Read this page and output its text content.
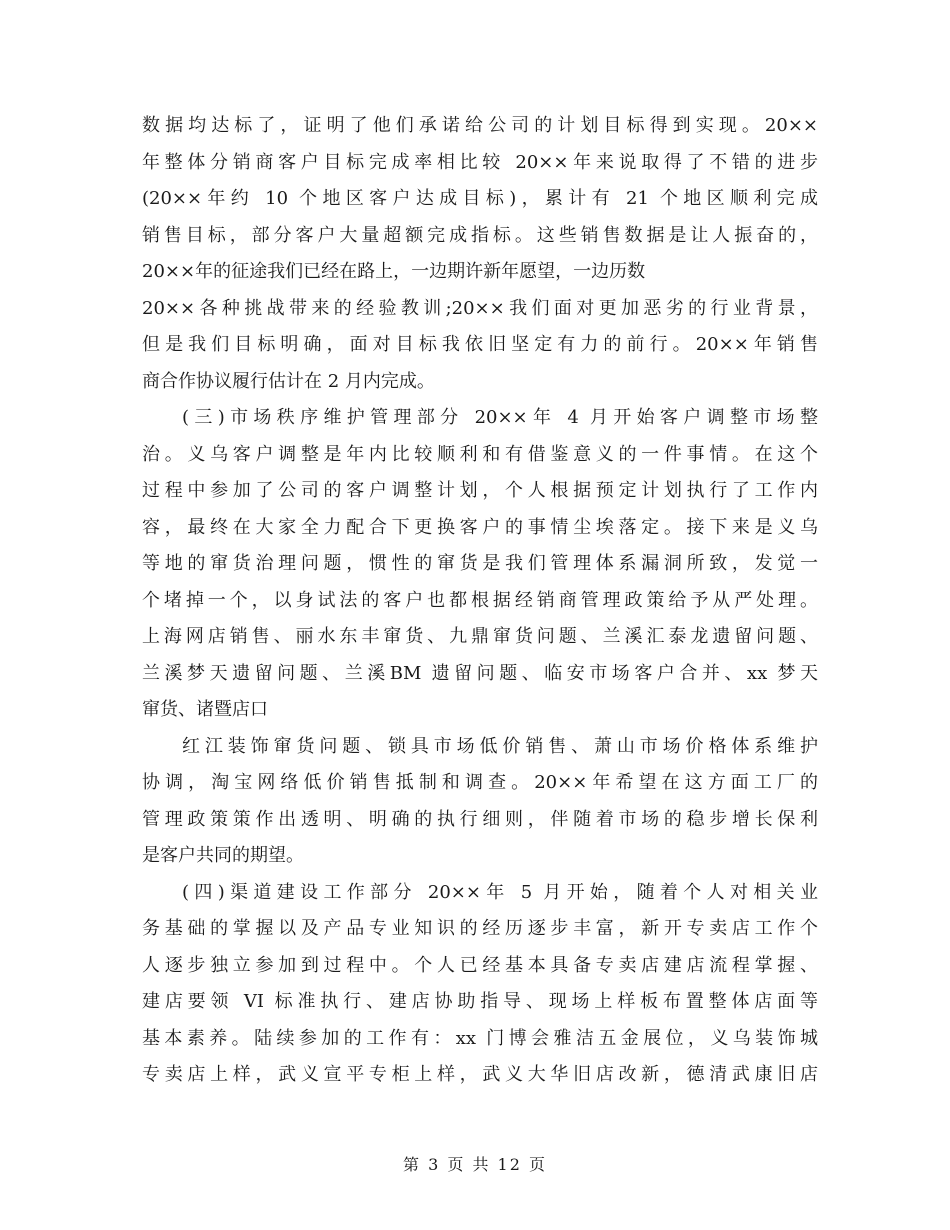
数据均达标了，证明了他们承诺给公司的计划目标得到实现。20××
年整体分销商客户目标完成率相比较 20××年来说取得了不错的进步
(20××年约 10 个地区客户达成目标)，累计有 21 个地区顺利完成
销售目标，部分客户大量超额完成指标。这些销售数据是让人振奋的，
20××年的征途我们已经在路上，一边期许新年愿望，一边历数
20××各种挑战带来的经验教训;20××我们面对更加恶劣的行业背景，
但是我们目标明确，面对目标我依旧坚定有力的前行。20××年销售
商合作协议履行估计在 2 月内完成。
(三)市场秩序维护管理部分 20××年 4 月开始客户调整市场整
治。义乌客户调整是年内比较顺利和有借鉴意义的一件事情。在这个
过程中参加了公司的客户调整计划，个人根据预定计划执行了工作内
容，最终在大家全力配合下更换客户的事情尘埃落定。接下来是义乌
等地的窜货治理问题，惯性的窜货是我们管理体系漏洞所致，发觉一
个堵掉一个，以身试法的客户也都根据经销商管理政策给予从严处理。
上海网店销售、丽水东丰窜货、九鼎窜货问题、兰溪汇泰龙遗留问题、
兰溪梦天遗留问题、兰溪BM 遗留问题、临安市场客户合并、xx 梦天
窜货、诸暨店口
红江装饰窜货问题、锁具市场低价销售、萧山市场价格体系维护
协调，淘宝网络低价销售抵制和调查。20××年希望在这方面工厂的
管理政策策作出透明、明确的执行细则，伴随着市场的稳步增长保利
是客户共同的期望。
(四)渠道建设工作部分 20××年 5 月开始，随着个人对相关业
务基础的掌握以及产品专业知识的经历逐步丰富，新开专卖店工作个
人逐步独立参加到过程中。个人已经基本具备专卖店建店流程掌握、
建店要领 VI 标准执行、建店协助指导、现场上样板布置整体店面等
基本素养。陆续参加的工作有：xx 门博会雅洁五金展位，义乌装饰城
专卖店上样，武义宣平专柜上样，武义大华旧店改新，德清武康旧店
第 3 页 共 12 页
